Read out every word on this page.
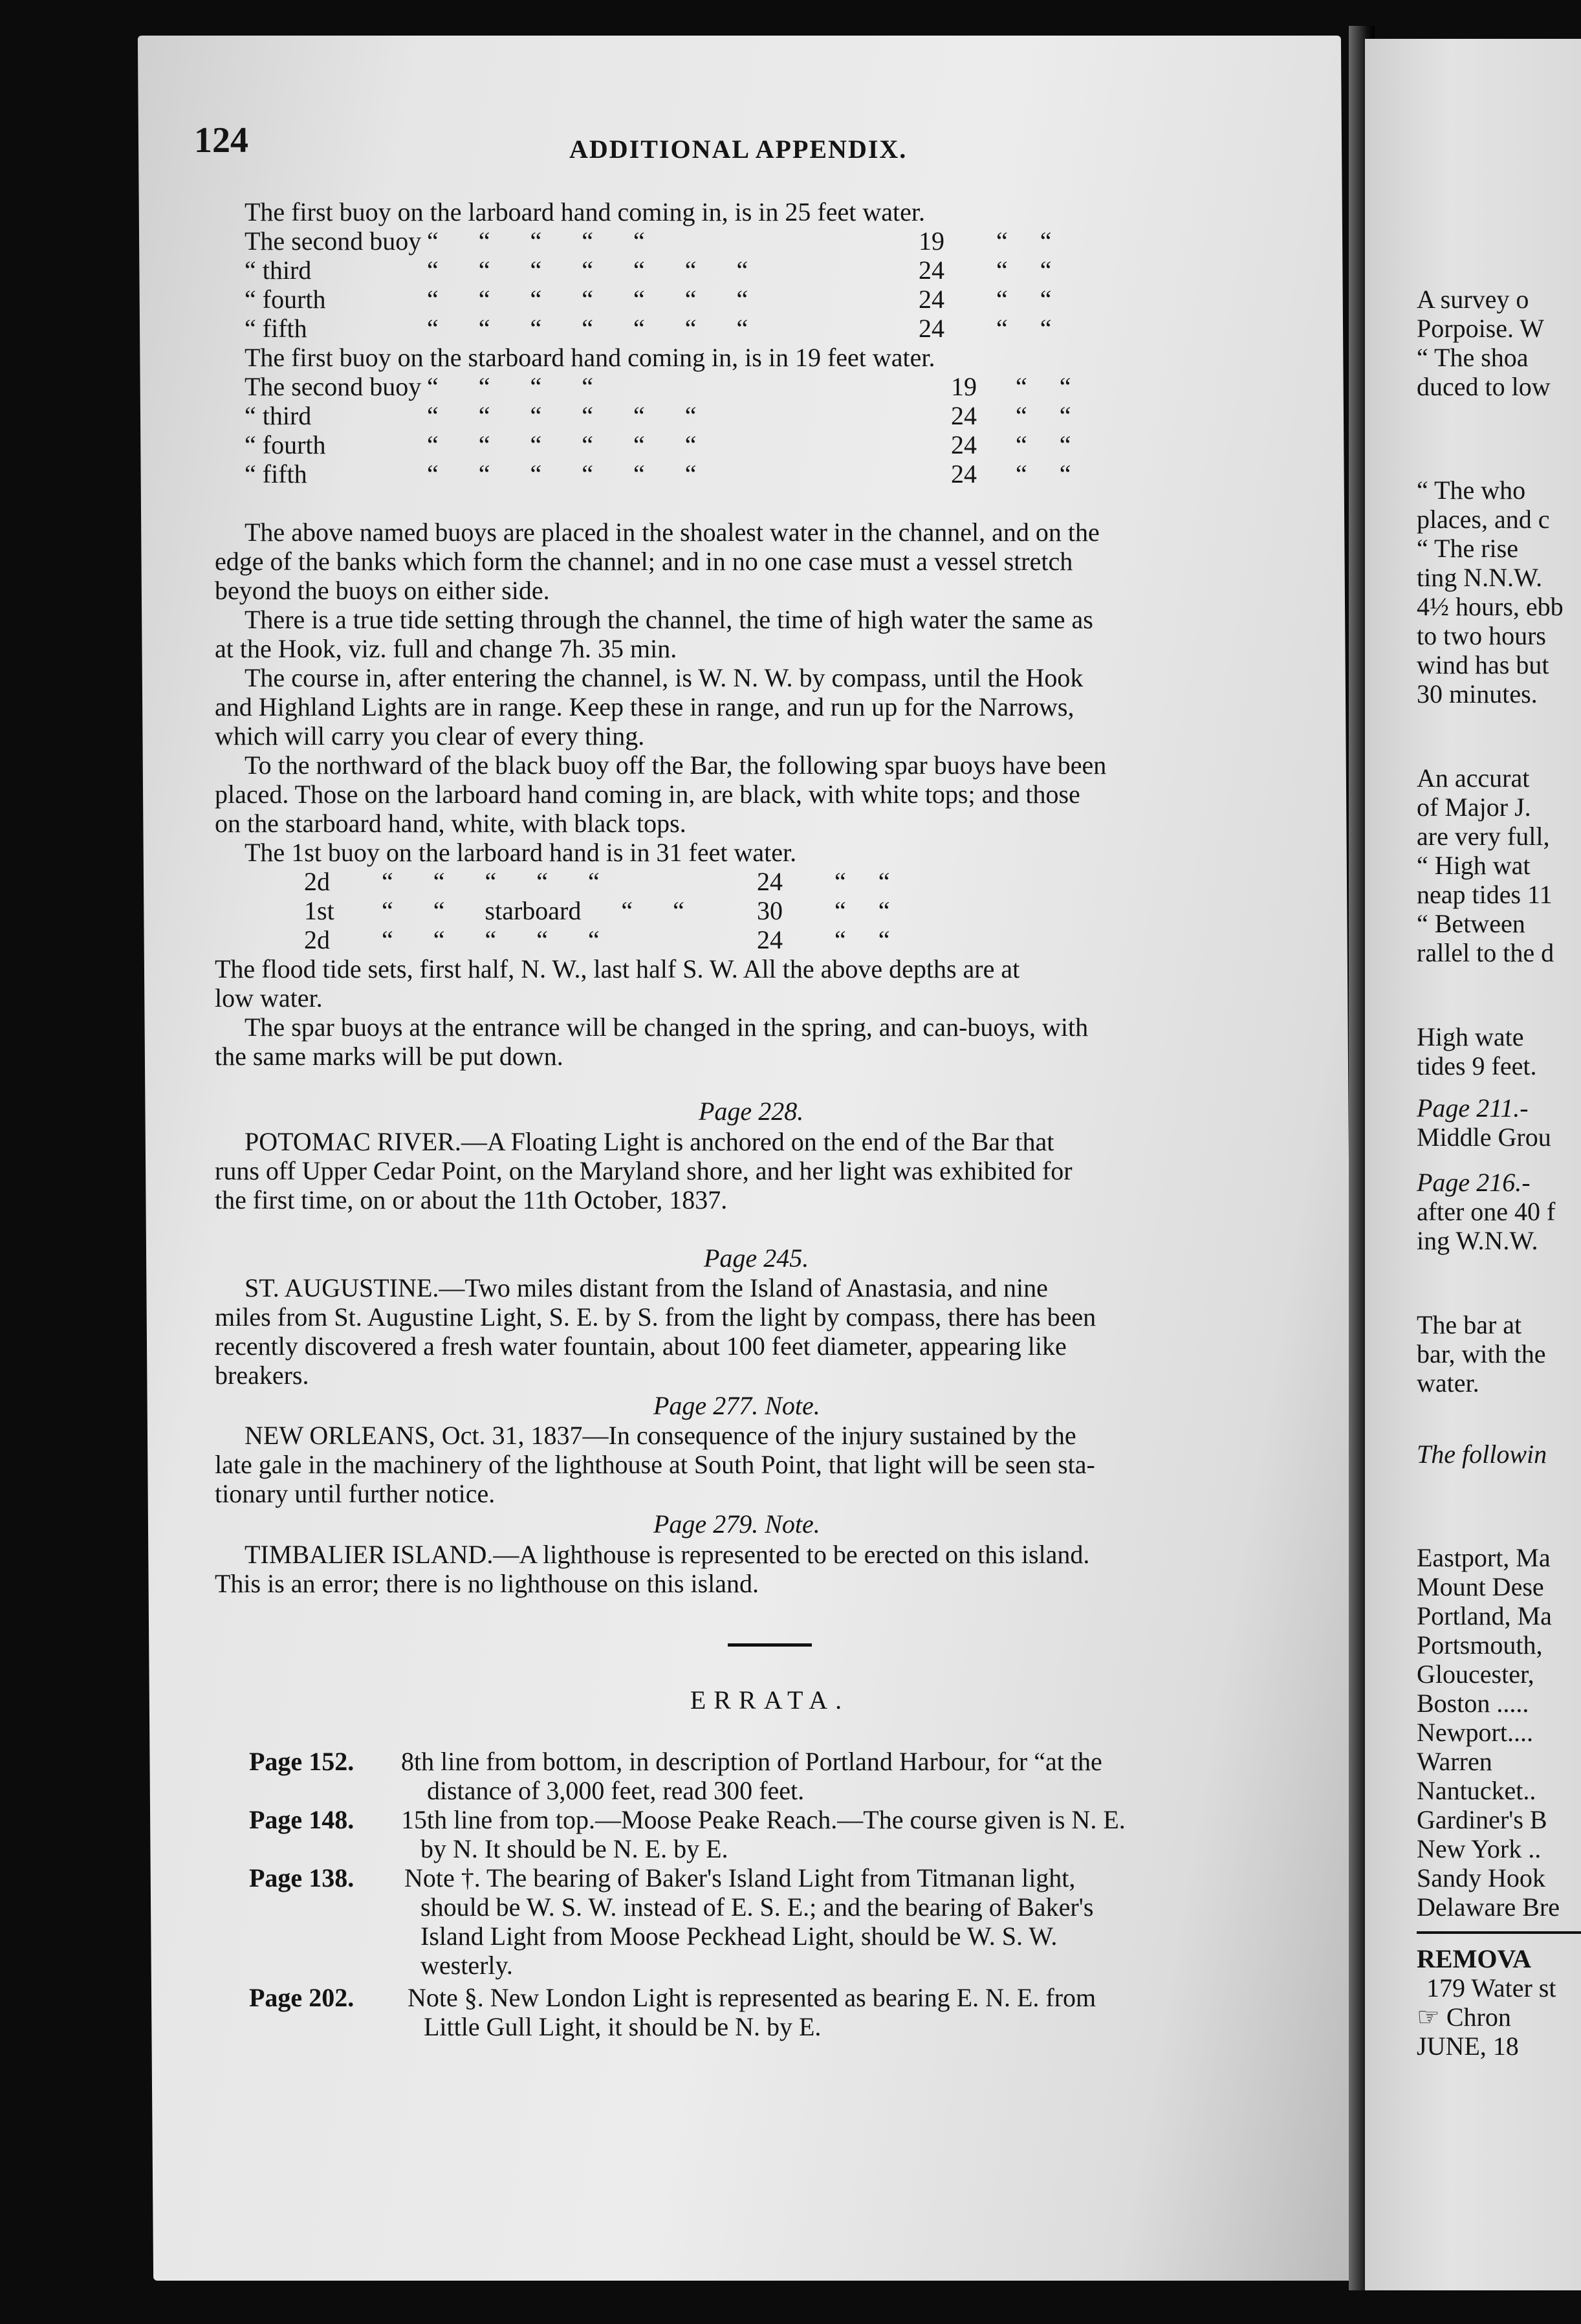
124	ADDITIONAL APPENDIX.
The first buoy on the larboard hand coming in, is in 25 feet water.
The second buoy “ “ “ “ “	19 “ “
“ third	“ “ “ “ “ “ “	24 “ “
“ fourth	“ “ “ “ “ “ “	24 “ “
“ fifth	“ “ “ “ “ “ “	24 “ “
The first buoy on the starboard hand coming in, is in 19 feet water.
The second buoy “ “ “ “	19 “ “
“ third	“ “ “ “ “ “	24 “ “
“ fourth	“ “ “ “ “ “	24 “ “
“ fifth	“ “ “ “ “ “	24 “ “
The above named buoys are placed in the shoalest water in the channel, and on the
edge of the banks which form the channel; and in no one case must a vessel stretch
beyond the buoys on either side.
There is a true tide setting through the channel, the time of high water the same as
at the Hook, viz. full and change 7h. 35 min.
The course in, after entering the channel, is W. N. W. by compass, until the Hook
and Highland Lights are in range. Keep these in range, and run up for the Narrows,
which will carry you clear of every thing.
To the northward of the black buoy off the Bar, the following spar buoys have been
placed. Those on the larboard hand coming in, are black, with white tops; and those
on the starboard hand, white, with black tops.
The 1st buoy on the larboard hand is in 31 feet water.
2d “ “ “ “ “	24 “ “
1st “ “ starboard “ “	30 “ “
2d “ “ “ “ “	24 “ “
The flood tide sets, first half, N. W., last half S. W. All the above depths are at
low water.
The spar buoys at the entrance will be changed in the spring, and can-buoys, with
the same marks will be put down.
Page 228.
POTOMAC RIVER.—A Floating Light is anchored on the end of the Bar that
runs off Upper Cedar Point, on the Maryland shore, and her light was exhibited for
the first time, on or about the 11th October, 1837.
Page 245.
ST. AUGUSTINE.—Two miles distant from the Island of Anastasia, and nine
miles from St. Augustine Light, S. E. by S. from the light by compass, there has been
recently discovered a fresh water fountain, about 100 feet diameter, appearing like
breakers.
Page 277. Note.
NEW ORLEANS, Oct. 31, 1837—In consequence of the injury sustained by the
late gale in the machinery of the lighthouse at South Point, that light will be seen sta-
tionary until further notice.
Page 279. Note.
TIMBALIER ISLAND.—A lighthouse is represented to be erected on this island.
This is an error; there is no lighthouse on this island.
ERRATA.
Page 152. 8th line from bottom, in description of Portland Harbour, for “at the
distance of 3,000 feet, read 300 feet.
Page 148. 15th line from top.—Moose Peake Reach.—The course given is N. E.
by N. It should be N. E. by E.
Page 138. Note †. The bearing of Baker's Island Light from Titmanan light,
should be W. S. W. instead of E. S. E.; and the bearing of Baker's
Island Light from Moose Peckhead Light, should be W. S. W.
westerly.
Page 202. Note §. New London Light is represented as bearing E. N. E. from
Little Gull Light, it should be N. by E.
A survey o
Porpoise. W
“ The shoa
duced to low
“ The who
places, and c
“ The rise
ting N.N.W.
4½ hours, ebb
to two hours
wind has but
30 minutes.
An accurat
of Major J.
are very full,
“ High wat
neap tides 11
“ Between
rallel to the d
High wate
tides 9 feet.
Page 211.-
Middle Grou
Page 216.-
after one 40 f
ing W.N.W.
The bar at
bar, with the
water.
The followin
Eastport, Ma
Mount Dese
Portland, Ma
Portsmouth,
Gloucester,
Boston .....
Newport....
Warren
Nantucket..
Gardiner's B
New York ..
Sandy Hook
Delaware Bre
REMOVA
179 Water st
☞ Chron
JUNE, 18
